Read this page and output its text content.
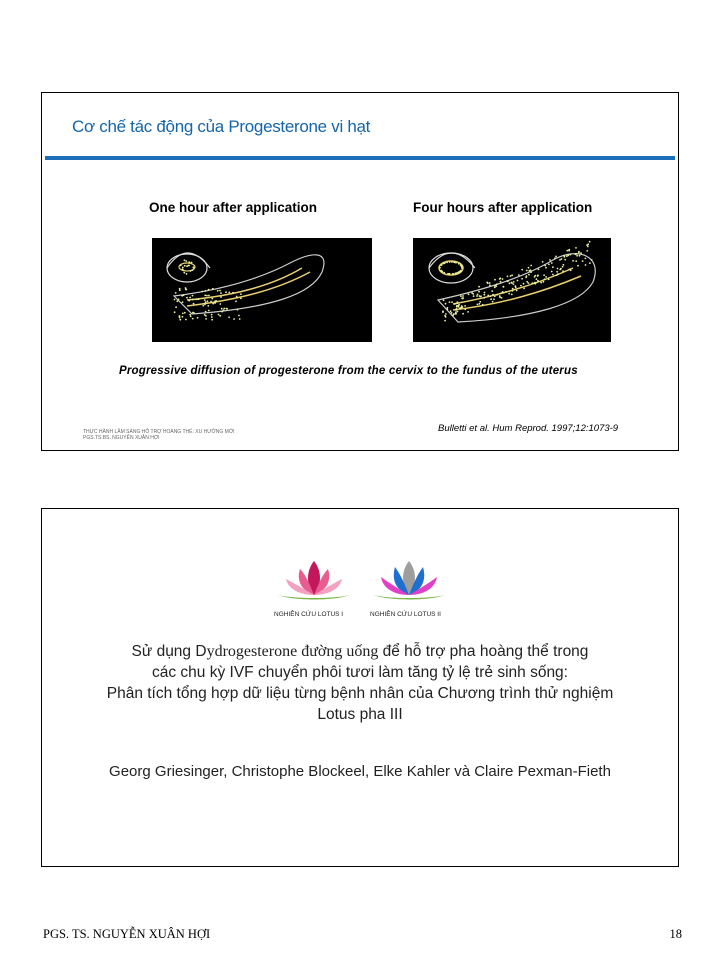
Cơ chế tác động của Progesterone vi hạt
One hour after application	Four hours after application
Progressive diffusion of progesterone from the cervix to the fundus of the uterus
Bulletti et al. Hum Reprod. 1997;12:1073-9
THỰC HÀNH LÂM SÀNG HỖ TRỢ HOÀNG THỂ: XU HƯỚNG MỚI
PGS.TS.BS. NGUYỄN XUÂN HỢI
NGHIÊN CỨU LOTUS I	NGHIÊN CỨU LOTUS II
Sử dụng Dydrogesterone đường uống để hỗ trợ pha hoàng thể trong
các chu kỳ IVF chuyển phôi tươi làm tăng tỷ lệ trẻ sinh sống:
Phân tích tổng hợp dữ liệu từng bệnh nhân của Chương trình thử nghiệm
Lotus pha III
Georg Griesinger, Christophe Blockeel, Elke Kahler và Claire Pexman-Fieth
PGS. TS. NGUYỄN XUÂN HỢI	18
